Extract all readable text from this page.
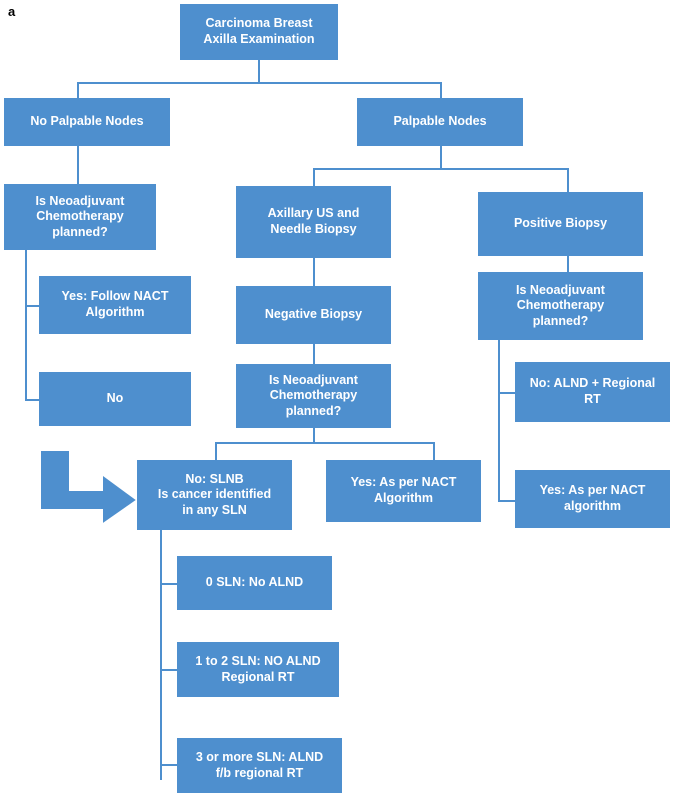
a
Carcinoma Breast
Axilla Examination
No Palpable Nodes	Palpable Nodes
Is Neoadjuvant
Chemotherapy
planned?
Yes: Follow NACT
Algorithm
No
Axillary US and
Needle Biopsy	Positive Biopsy
Negative Biopsy
Is Neoadjuvant
Chemotherapy
planned?
Is Neoadjuvant
Chemotherapy
planned?
No: ALND + Regional
RT
Yes: As per NACT
algorithm
No: SLNB
Is cancer identified
in any SLN
Yes: As per NACT
Algorithm
0 SLN: No ALND
1 to 2 SLN: NO ALND
Regional RT
3 or more SLN: ALND
f/b regional RT
